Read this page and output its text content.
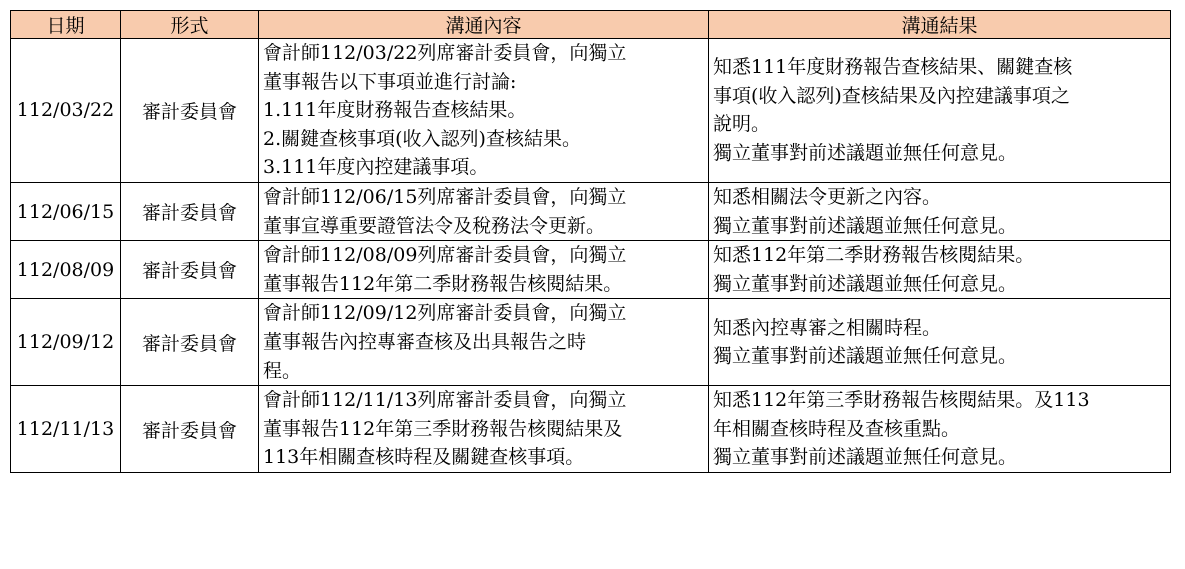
日期	形式	溝通內容	溝通結果
112/03/22	審計委員會	會計師112/03/22列席審計委員會，向獨立
董事報告以下事項並進行討論:
1.111年度財務報告查核結果。
2.關鍵查核事項(收入認列)查核結果。
3.111年度內控建議事項。	知悉111年度財務報告查核結果、關鍵查核
事項(收入認列)查核結果及內控建議事項之
說明。
獨立董事對前述議題並無任何意見。

112/06/15	審計委員會	會計師112/06/15列席審計委員會，向獨立
董事宣導重要證管法令及稅務法令更新。	知悉相關法令更新之內容。
獨立董事對前述議題並無任何意見。

112/08/09	審計委員會	會計師112/08/09列席審計委員會，向獨立
董事報告112年第二季財務報告核閱結果。	知悉112年第二季財務報告核閱結果。
獨立董事對前述議題並無任何意見。

112/09/12	審計委員會	會計師112/09/12列席審計委員會，向獨立
董事報告內控專審查核及出具報告之時
程。	知悉內控專審之相關時程。
獨立董事對前述議題並無任何意見。

112/11/13	審計委員會	會計師112/11/13列席審計委員會，向獨立
董事報告112年第三季財務報告核閱結果及
113年相關查核時程及關鍵查核事項。	知悉112年第三季財務報告核閱結果。及113
年相關查核時程及查核重點。
獨立董事對前述議題並無任何意見。
